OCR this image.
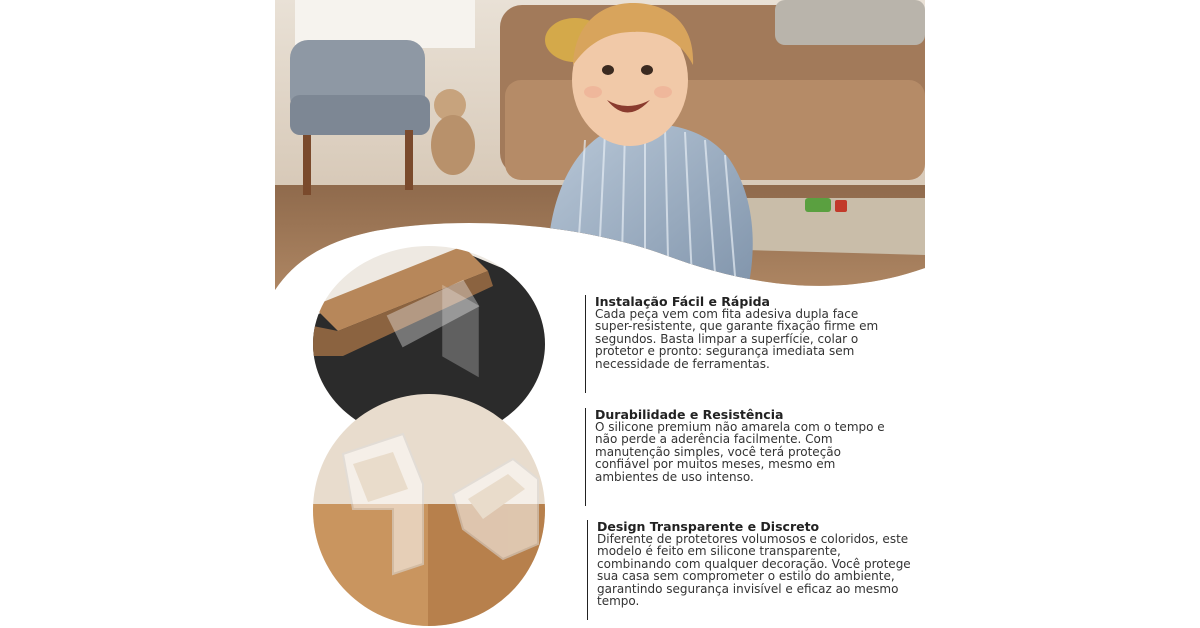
Instalação Fácil e Rápida

Cada peça vem com fita adesiva dupla face super-resistente, que garante fixação firme em segundos. Basta limpar a superfície, colar o protetor e pronto: segurança imediata sem necessidade de ferramentas.

Durabilidade e Resistência

O silicone premium não amarela com o tempo e não perde a aderência facilmente. Com manutenção simples, você terá proteção confiável por muitos meses, mesmo em ambientes de uso intenso.

Design Transparente e Discreto

Diferente de protetores volumosos e coloridos, este modelo é feito em silicone transparente, combinando com qualquer decoração. Você protege sua casa sem comprometer o estilo do ambiente, garantindo segurança invisível e eficaz ao mesmo tempo.
